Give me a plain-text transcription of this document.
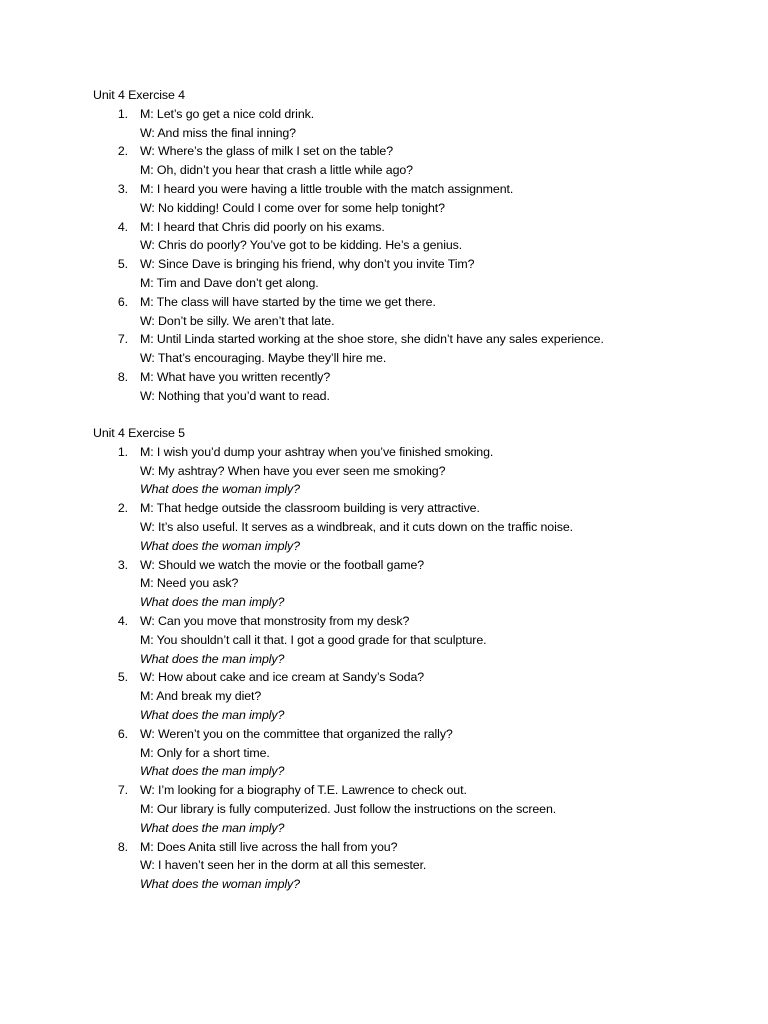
Unit 4 Exercise 4
1. M: Let’s go get a nice cold drink.
W: And miss the final inning?
2. W: Where’s the glass of milk I set on the table?
M: Oh, didn’t you hear that crash a little while ago?
3. M: I heard you were having a little trouble with the match assignment.
W: No kidding! Could I come over for some help tonight?
4. M: I heard that Chris did poorly on his exams.
W: Chris do poorly? You’ve got to be kidding. He’s a genius.
5. W: Since Dave is bringing his friend, why don’t you invite Tim?
M: Tim and Dave don’t get along.
6. M: The class will have started by the time we get there.
W: Don’t be silly. We aren’t that late.
7. M: Until Linda started working at the shoe store, she didn’t have any sales experience.
W: That’s encouraging. Maybe they’ll hire me.
8. M: What have you written recently?
W: Nothing that you’d want to read.
Unit 4 Exercise 5
1. M: I wish you’d dump your ashtray when you’ve finished smoking.
W: My ashtray? When have you ever seen me smoking?
What does the woman imply?
2. M: That hedge outside the classroom building is very attractive.
W: It’s also useful. It serves as a windbreak, and it cuts down on the traffic noise.
What does the woman imply?
3. W: Should we watch the movie or the football game?
M: Need you ask?
What does the man imply?
4. W: Can you move that monstrosity from my desk?
M: You shouldn’t call it that. I got a good grade for that sculpture.
What does the man imply?
5. W: How about cake and ice cream at Sandy’s Soda?
M: And break my diet?
What does the man imply?
6. W: Weren’t you on the committee that organized the rally?
M: Only for a short time.
What does the man imply?
7. W: I’m looking for a biography of T.E. Lawrence to check out.
M: Our library is fully computerized. Just follow the instructions on the screen.
What does the man imply?
8. M: Does Anita still live across the hall from you?
W: I haven’t seen her in the dorm at all this semester.
What does the woman imply?
